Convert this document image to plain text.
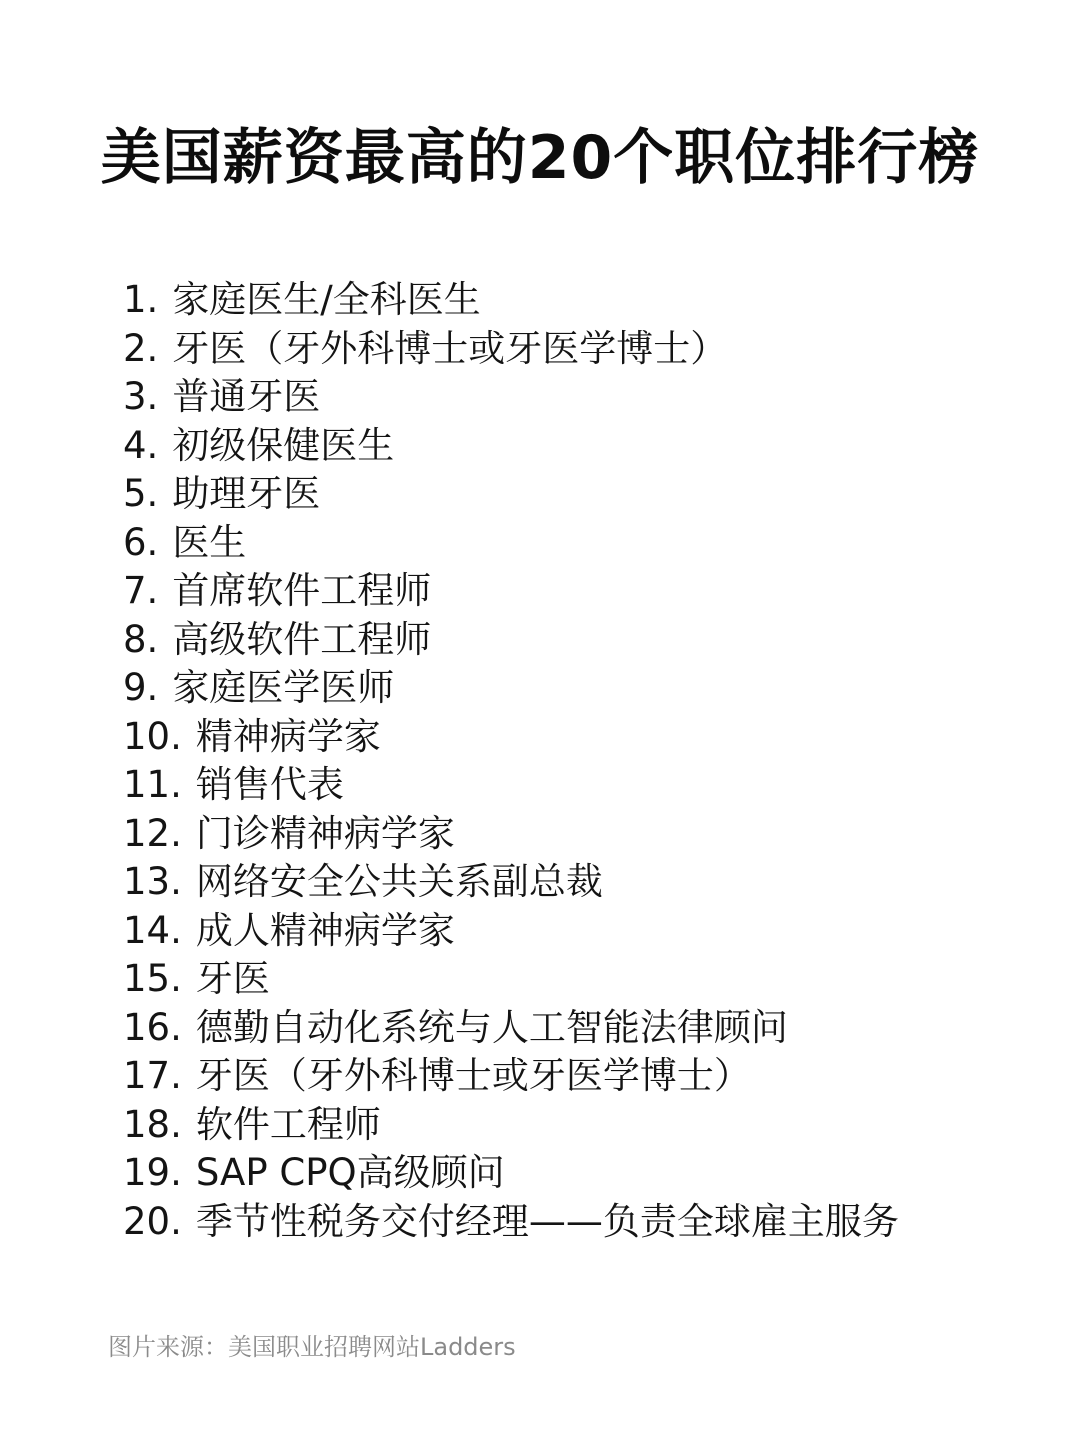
美国薪资最高的20个职位排行榜
1. 家庭医生/全科医生
2. 牙医（牙外科博士或牙医学博士）
3. 普通牙医
4. 初级保健医生
5. 助理牙医
6. 医生
7. 首席软件工程师
8. 高级软件工程师
9. 家庭医学医师
10. 精神病学家
11. 销售代表
12. 门诊精神病学家
13. 网络安全公共关系副总裁
14. 成人精神病学家
15. 牙医
16. 德勤自动化系统与人工智能法律顾问
17. 牙医（牙外科博士或牙医学博士）
18. 软件工程师
19. SAP CPQ高级顾问
20. 季节性税务交付经理——负责全球雇主服务
图片来源：美国职业招聘网站Ladders
